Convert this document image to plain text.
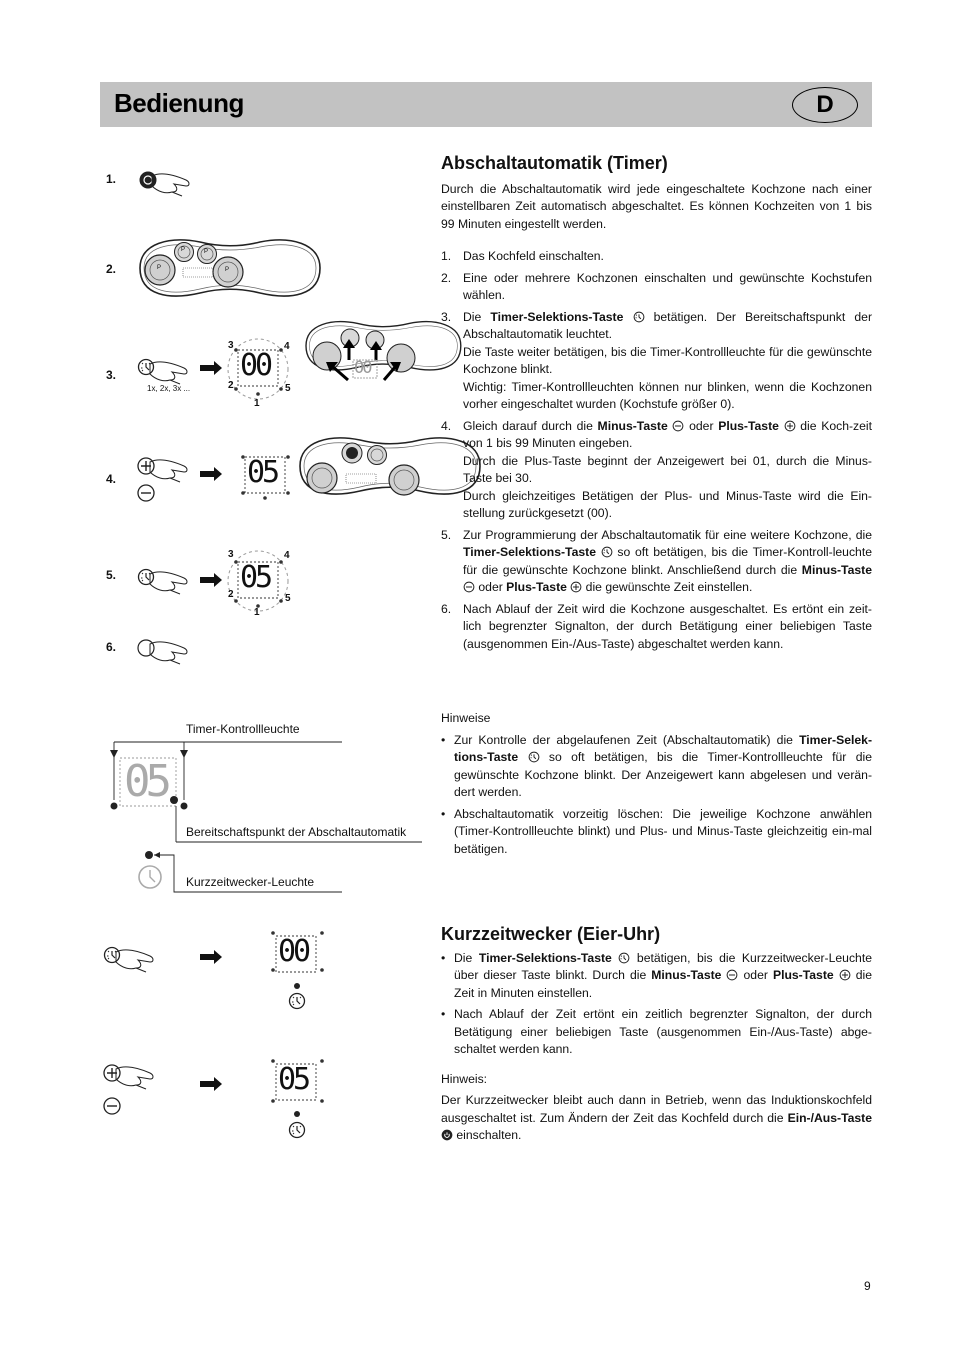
Bedienung	D
1.
2.
3.
4.
5.
6.
1x, 2x, 3x ...
P	P
P	P
00	00
05
05
05
00
05
3	4
2	5
1
3	4
2	5
1
Timer-Kontrollleuchte
Bereitschaftspunkt der Abschaltautomatik
Kurzzeitwecker-Leuchte
Abschaltautomatik (Timer)

Durch die Abschaltautomatik wird jede eingeschaltete Kochzone nach einer einstellbaren Zeit automatisch abgeschaltet. Es können Kochzeiten von 1 bis 99 Minuten eingestellt werden.

1. Das Kochfeld einschalten.
2. Eine oder mehrere Kochzonen einschalten und gewünschte Kochstufen wählen.
3. Die Timer-Selektions-Taste  betätigen. Der Bereitschaftspunkt der Abschaltautomatik leuchtet.
Die Taste weiter betätigen, bis die Timer-Kontrollleuchte für die gewünschte Kochzone blinkt.
Wichtig: Timer-Kontrollleuchten können nur blinken, wenn die Kochzonen vorher eingeschaltet wurden (Kochstufe größer 0).
4. Gleich darauf durch die Minus-Taste  oder Plus-Taste  die Koch-zeit von 1 bis 99 Minuten eingeben.
Durch die Plus-Taste beginnt der Anzeigewert bei 01, durch die Minus-Taste bei 30.
Durch gleichzeitiges Betätigen der Plus- und Minus-Taste wird die Ein-stellung zurückgesetzt (00).
5. Zur Programmierung der Abschaltautomatik für eine weitere Kochzone, die Timer-Selektions-Taste  so oft betätigen, bis die Timer-Kontroll-leuchte für die gewünschte Kochzone blinkt. Anschließend durch die Minus-Taste  oder Plus-Taste  die gewünschte Zeit einstellen.
6. Nach Ablauf der Zeit wird die Kochzone ausgeschaltet. Es ertönt ein zeit-lich begrenzter Signalton, der durch Betätigung einer beliebigen Taste (ausgenommen Ein-/Aus-Taste) abgeschaltet werden kann.

Hinweise

• Zur Kontrolle der abgelaufenen Zeit (Abschaltautomatik) die Timer-Selek-tions-Taste  so oft betätigen, bis die Timer-Kontrollleuchte für die gewünschte Kochzone blinkt. Der Anzeigewert kann abgelesen und verän-dert werden.
• Abschaltautomatik vorzeitig löschen: Die jeweilige Kochzone anwählen (Timer-Kontrollleuchte blinkt) und Plus- und Minus-Taste gleichzeitig ein-mal betätigen.
Kurzzeitwecker (Eier-Uhr)
• Die Timer-Selektions-Taste  betätigen, bis die Kurzzeitwecker-Leuchte über dieser Taste blinkt. Durch die Minus-Taste  oder Plus-Taste  die Zeit in Minuten einstellen.
• Nach Ablauf der Zeit ertönt ein zeitlich begrenzter Signalton, der durch Betätigung einer beliebigen Taste (ausgenommen Ein-/Aus-Taste) abge-schaltet werden kann.

Hinweis:

Der Kurzzeitwecker bleibt auch dann in Betrieb, wenn das Induktionskochfeld ausgeschaltet ist. Zum Ändern der Zeit das Kochfeld durch die Ein-/Aus-Taste  einschalten.

9
